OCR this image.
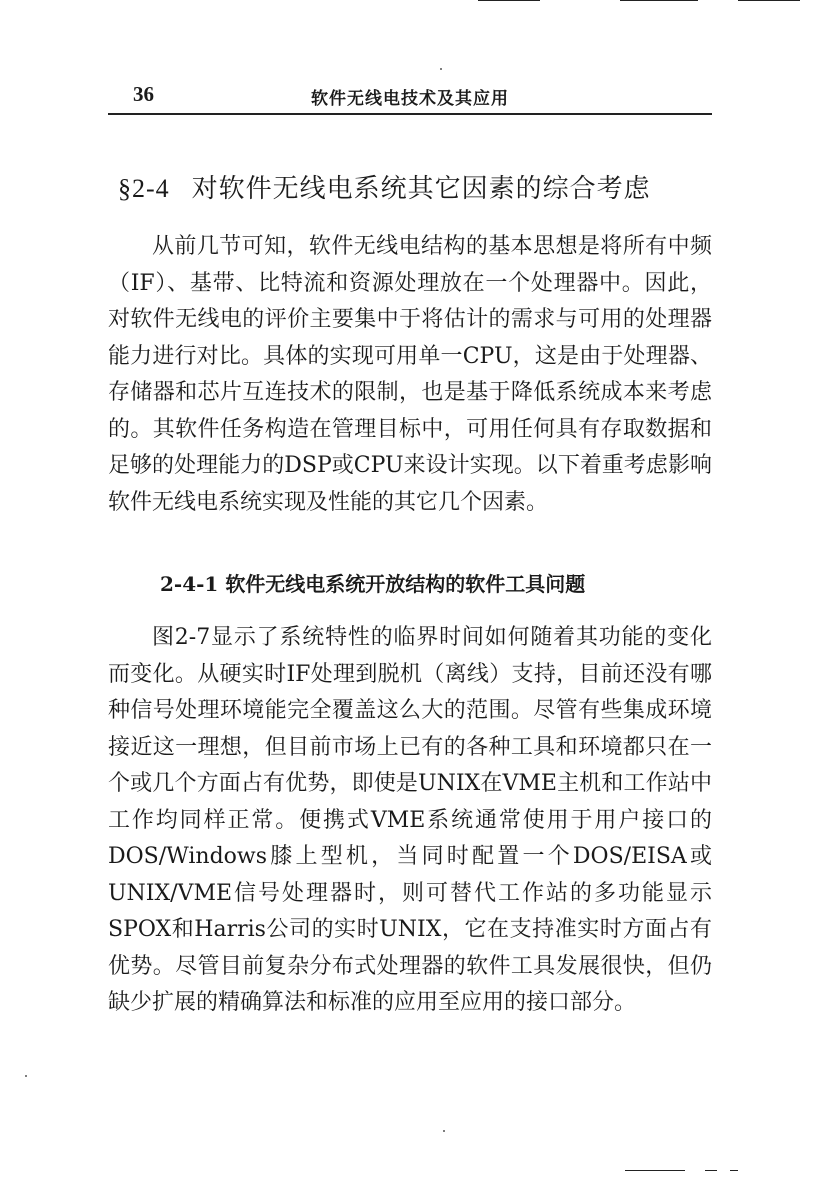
36	软件无线电技术及其应用
§2-4 对软件无线电系统其它因素的综合考虑

从前几节可知，软件无线电结构的基本思想是将所有中频（IF）、基带、比特流和资源处理放在一个处理器中。因此，对软件无线电的评价主要集中于将估计的需求与可用的处理器能力进行对比。具体的实现可用单一CPU，这是由于处理器、存储器和芯片互连技术的限制，也是基于降低系统成本来考虑的。其软件任务构造在管理目标中，可用任何具有存取数据和足够的处理能力的DSP或CPU来设计实现。以下着重考虑影响软件无线电系统实现及性能的其它几个因素。

2-4-1 软件无线电系统开放结构的软件工具问题

图2-7显示了系统特性的临界时间如何随着其功能的变化而变化。从硬实时IF处理到脱机（离线）支持，目前还没有哪种信号处理环境能完全覆盖这么大的范围。尽管有些集成环境接近这一理想，但目前市场上已有的各种工具和环境都只在一个或几个方面占有优势，即使是UNIX在VME主机和工作站中工作均同样正常。便携式VME系统通常使用于用户接口的DOS/Windows膝上型机，当同时配置一个DOS/EISA或UNIX/VME信号处理器时，则可替代工作站的多功能显示SPOX和Harris公司的实时UNIX，它在支持准实时方面占有优势。尽管目前复杂分布式处理器的软件工具发展很快，但仍缺少扩展的精确算法和标准的应用至应用的接口部分。
